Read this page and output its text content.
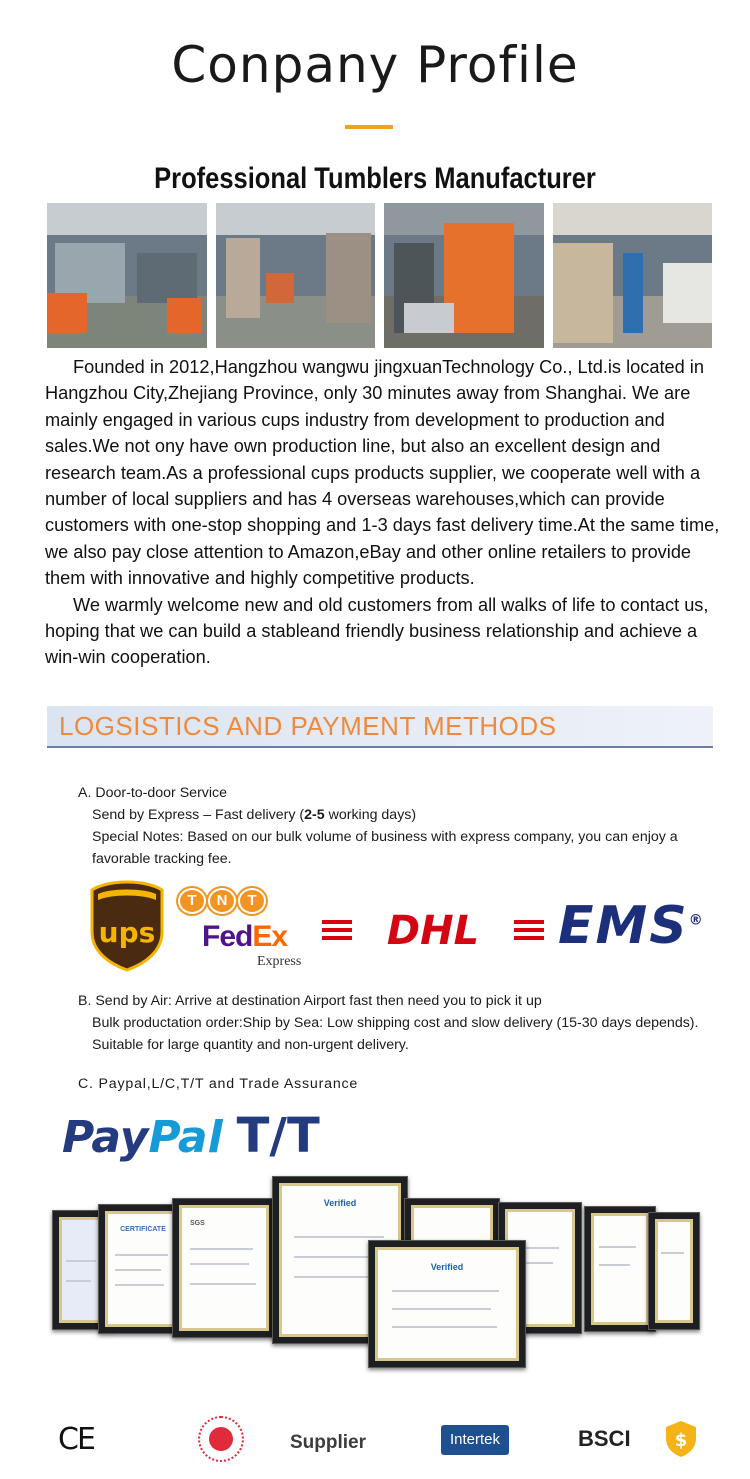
Conpany Profile
Professional Tumblers Manufacturer

Founded in 2012,Hangzhou wangwu jingxuanTechnology Co., Ltd.is located in Hangzhou City,Zhejiang Province, only 30 minutes away from Shanghai. We are mainly engaged in various cups industry from development to production and sales.We not ony have own production line, but also an excellent design and research team.As a professional cups products supplier, we cooperate well with a number of local suppliers and has 4 overseas warehouses,which can provide customers with one-stop shopping and 1-3 days fast delivery time.At the same time, we also pay close attention to Amazon,eBay and other online retailers to provide them with innovative and highly competitive products.

We warmly welcome new and old customers from all walks of life to contact us, hoping that we can build a stableand friendly business relationship and achieve a win-win cooperation.

LOGSISTICS AND PAYMENT METHODS
A. Door-to-door Service
Send by Express – Fast delivery (2-5 working days)
Special Notes: Based on our bulk volume of business with express company, you can enjoy a
favorable tracking fee.
ups
T	N	T
FedEx
Express
DHL EMS®
B. Send by Air: Arrive at destination Airport fast then need you to pick it up
Bulk productation order:Ship by Sea: Low shipping cost and slow delivery (15-30 days depends).
Suitable for large quantity and non-urgent delivery.
C. Paypal,L/C,T/T and Trade Assurance
PayPal T/T
CERTIFICATE
SGS
Verified
Verified
CE	Supplier	Intertek	BSCI $
